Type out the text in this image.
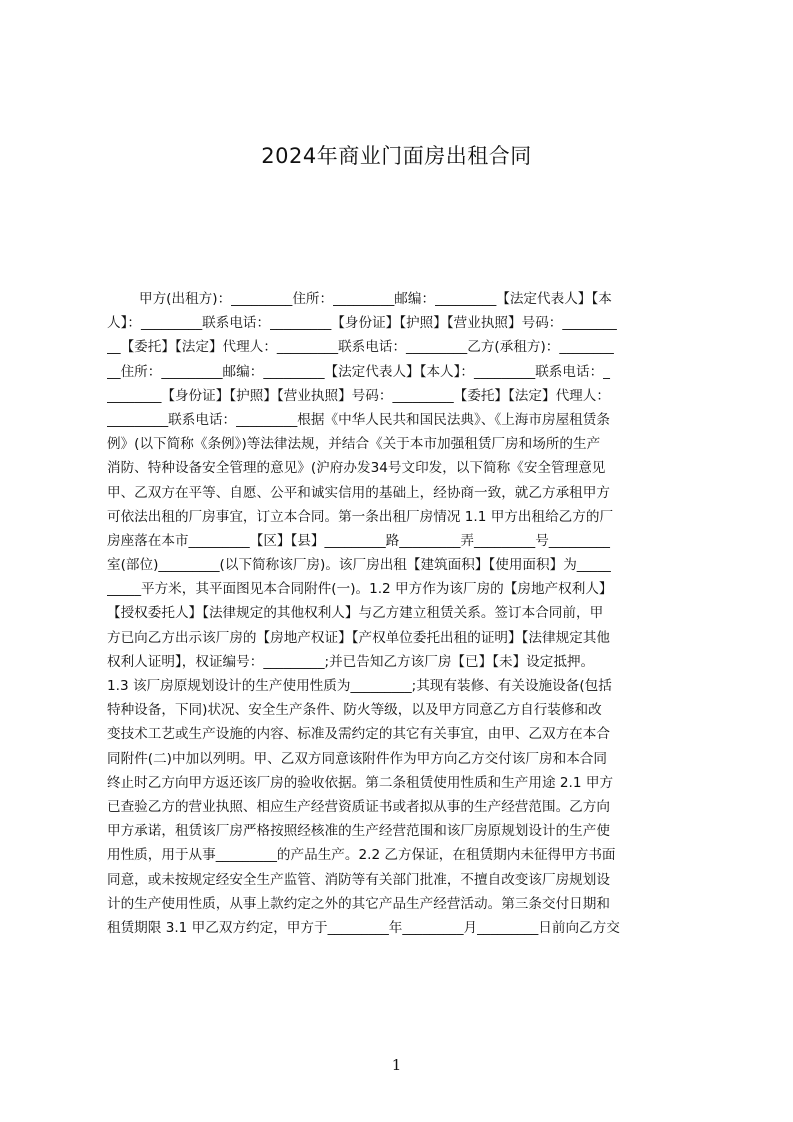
2024年商业门面房出租合同
甲方(出租方)：_________住所：_________邮编：_________【法定代表人】【本
人】：_________联系电话：_________【身份证】【护照】【营业执照】号码：________
__【委托】【法定】代理人：_________联系电话：_________乙方(承租方)：________
__住所：_________邮编：_________【法定代表人】【本人】：_________联系电话：_
________【身份证】【护照】【营业执照】号码：_________【委托】【法定】代理人：
_________联系电话：_________根据《中华人民共和国民法典》、《上海市房屋租赁条
例》(以下简称《条例》)等法律法规，并结合《关于本市加强租赁厂房和场所的生产
消防、特种设备安全管理的意见》(沪府办发34号文印发，以下简称《安全管理意见
甲、乙双方在平等、自愿、公平和诚实信用的基础上，经协商一致，就乙方承租甲方
可依法出租的厂房事宜，订立本合同。第一条出租厂房情况 1.1 甲方出租给乙方的厂
房座落在本市_________【区】【县】_________路_________弄_________号_________
室(部位)_________(以下简称该厂房)。该厂房出租【建筑面积】【使用面积】为_____
_____平方米，其平面图见本合同附件(一)。1.2 甲方作为该厂房的【房地产权利人】
【授权委托人】【法律规定的其他权利人】与乙方建立租赁关系。签订本合同前，甲
方已向乙方出示该厂房的【房地产权证】【产权单位委托出租的证明】【法律规定其他
权利人证明】，权证编号：_________;并已告知乙方该厂房【已】【未】设定抵押。
1.3 该厂房原规划设计的生产使用性质为_________;其现有装修、有关设施设备(包括
特种设备，下同)状况、安全生产条件、防火等级，以及甲方同意乙方自行装修和改
变技术工艺或生产设施的内容、标准及需约定的其它有关事宜，由甲、乙双方在本合
同附件(二)中加以列明。甲、乙双方同意该附件作为甲方向乙方交付该厂房和本合同
终止时乙方向甲方返还该厂房的验收依据。第二条租赁使用性质和生产用途 2.1 甲方
已查验乙方的营业执照、相应生产经营资质证书或者拟从事的生产经营范围。乙方向
甲方承诺，租赁该厂房严格按照经核准的生产经营范围和该厂房原规划设计的生产使
用性质，用于从事_________的产品生产。2.2 乙方保证，在租赁期内未征得甲方书面
同意，或未按规定经安全生产监管、消防等有关部门批准，不擅自改变该厂房规划设
计的生产使用性质，从事上款约定之外的其它产品生产经营活动。第三条交付日期和
租赁期限 3.1 甲乙双方约定，甲方于_________年_________月_________日前向乙方交
1
